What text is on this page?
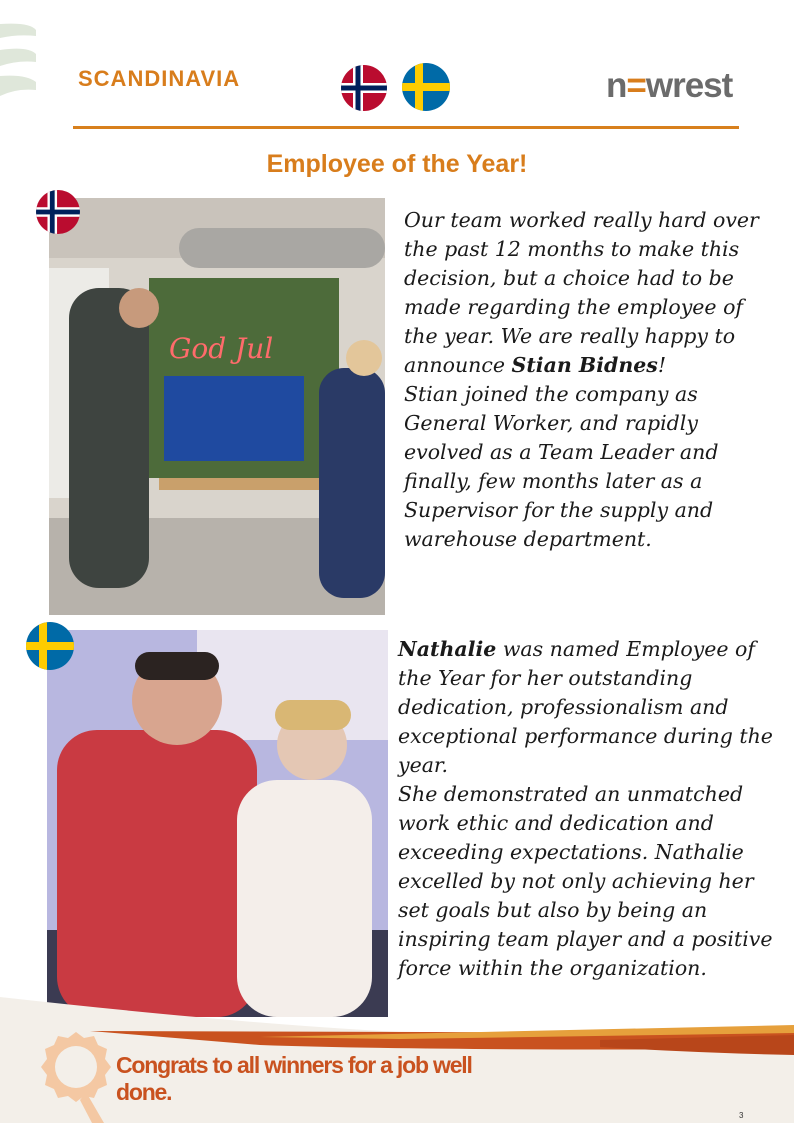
SCANDINAVIA	n=wrest
Employee of the Year!
God Jul

Our team worked really hard over the past 12 months to make this decision, but a choice had to be made regarding the employee of the year. We are really happy to announce Stian Bidnes!

Stian joined the company as General Worker, and rapidly evolved as a Team Leader and finally, few months later as a Supervisor for the supply and warehouse department.

Nathalie was named Employee of the Year for her outstanding dedication, professionalism and exceptional performance during the year.

She demonstrated an unmatched work ethic and dedication and exceeding expectations. Nathalie excelled by not only achieving her set goals but also by being an inspiring team player and a positive force within the organization.

Congrats to all winners for a job well done.
3
